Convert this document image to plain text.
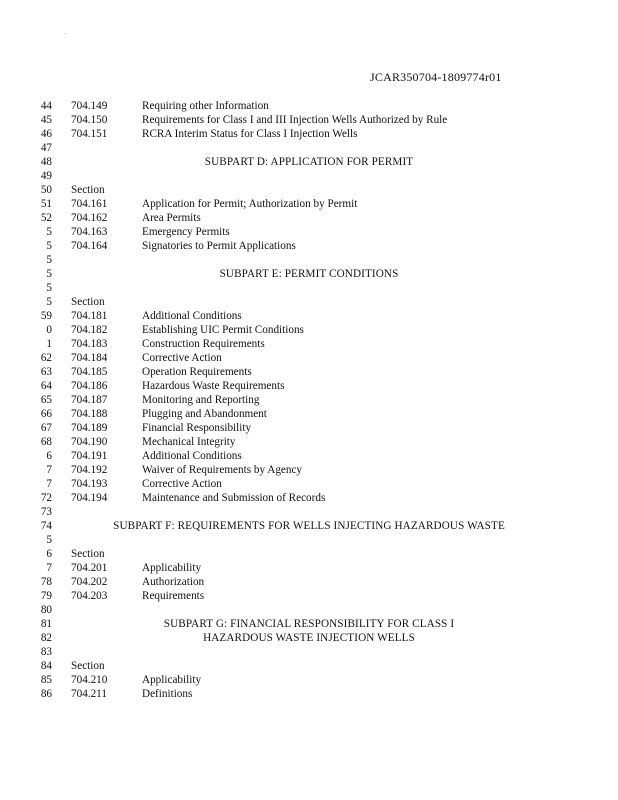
·
JCAR350704-1809774r01
44 704.149	Requiring other Information
45 704.150	Requirements for Class I and III Injection Wells Authorized by Rule
46 704.151	RCRA Interim Status for Class I Injection Wells
47
48	SUBPART D: APPLICATION FOR PERMIT
49
50 Section
51 704.161	Application for Permit; Authorization by Permit
52 704.162	Area Permits
5 704.163	Emergency Permits
5 704.164	Signatories to Permit Applications
5
5	SUBPART E: PERMIT CONDITIONS
5
5 Section
59 704.181	Additional Conditions
0 704.182	Establishing UIC Permit Conditions
1 704.183	Construction Requirements
62 704.184	Corrective Action
63 704.185	Operation Requirements
64 704.186	Hazardous Waste Requirements
65 704.187	Monitoring and Reporting
66 704.188	Plugging and Abandonment
67 704.189	Financial Responsibility
68 704.190	Mechanical Integrity
6 704.191	Additional Conditions
7 704.192	Waiver of Requirements by Agency
7 704.193	Corrective Action
72 704.194	Maintenance and Submission of Records
73
74	SUBPART F: REQUIREMENTS FOR WELLS INJECTING HAZARDOUS WASTE
5
6 Section
7 704.201	Applicability
78 704.202	Authorization
79 704.203	Requirements
80
81	SUBPART G: FINANCIAL RESPONSIBILITY FOR CLASS I
82	HAZARDOUS WASTE INJECTION WELLS
83
84 Section
85 704.210	Applicability
86 704.211	Definitions
